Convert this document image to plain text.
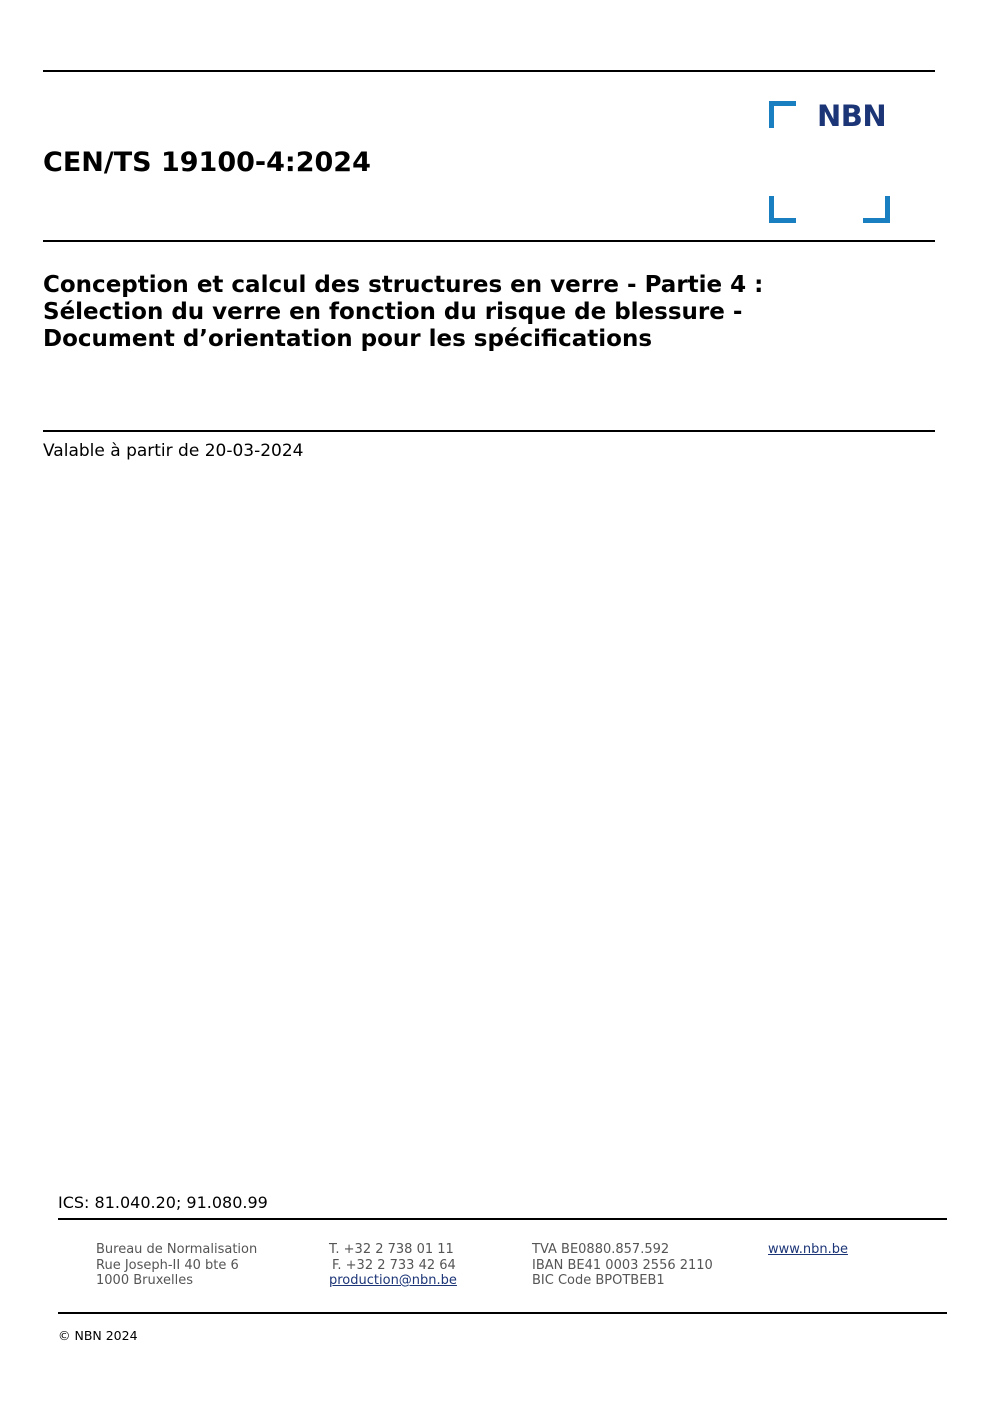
CEN/TS 19100-4:2024
NBN
Conception et calcul des structures en verre - Partie 4 :
Sélection du verre en fonction du risque de blessure -
Document d’orientation pour les spécifications
Valable à partir de 20-03-2024
ICS: 81.040.20; 91.080.99
Bureau de Normalisation
Rue Joseph-II 40 bte 6
1000 Bruxelles
T. +32 2 738 01 11
F. +32 2 733 42 64
production@nbn.be
TVA BE0880.857.592
IBAN BE41 0003 2556 2110
BIC Code BPOTBEB1
www.nbn.be
© NBN 2024
